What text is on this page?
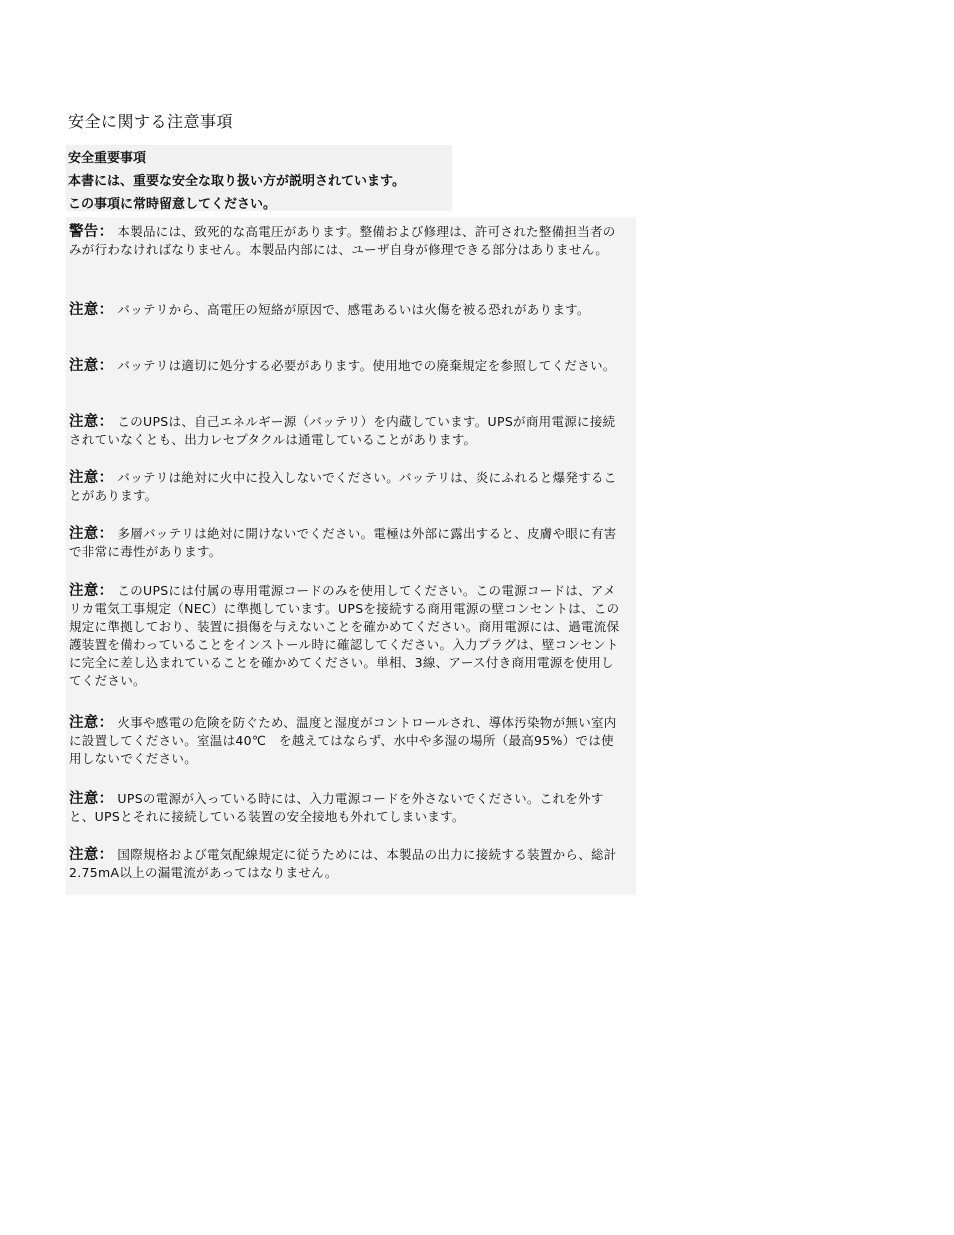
安全に関する注意事項
安全重要事項
本書には、重要な安全な取り扱い方が説明されています。
この事項に常時留意してください。
警告： 本製品には、致死的な高電圧があります。整備および修理は、許可された整備担当者のみが行わなければなりません。本製品内部には、ユーザ自身が修理できる部分はありません。
注意： バッテリから、高電圧の短絡が原因で、感電あるいは火傷を被る恐れがあります。
注意： バッテリは適切に処分する必要があります。使用地での廃棄規定を参照してください。
注意： このUPSは、自己エネルギー源（バッテリ）を内蔵しています。UPSが商用電源に接続されていなくとも、出力レセプタクルは通電していることがあります。
注意： バッテリは絶対に火中に投入しないでください。バッテリは、炎にふれると爆発することがあります。
注意： 多層バッテリは絶対に開けないでください。電極は外部に露出すると、皮膚や眼に有害で非常に毒性があります。
注意： このUPSには付属の専用電源コードのみを使用してください。この電源コードは、アメリカ電気工事規定（NEC）に準拠しています。UPSを接続する商用電源の壁コンセントは、この規定に準拠しており、装置に損傷を与えないことを確かめてください。商用電源には、過電流保護装置を備わっていることをインストール時に確認してください。入力プラグは、壁コンセントに完全に差し込まれていることを確かめてください。単相、3線、アース付き商用電源を使用してください。
注意： 火事や感電の危険を防ぐため、温度と湿度がコントロールされ、導体汚染物が無い室内に設置してください。室温は40℃　を越えてはならず、水中や多湿の場所（最高95%）では使用しないでください。
注意： UPSの電源が入っている時には、入力電源コードを外さないでください。これを外すと、UPSとそれに接続している装置の安全接地も外れてしまいます。
注意： 国際規格および電気配線規定に従うためには、本製品の出力に接続する装置から、総計2.75mA以上の漏電流があってはなりません。
